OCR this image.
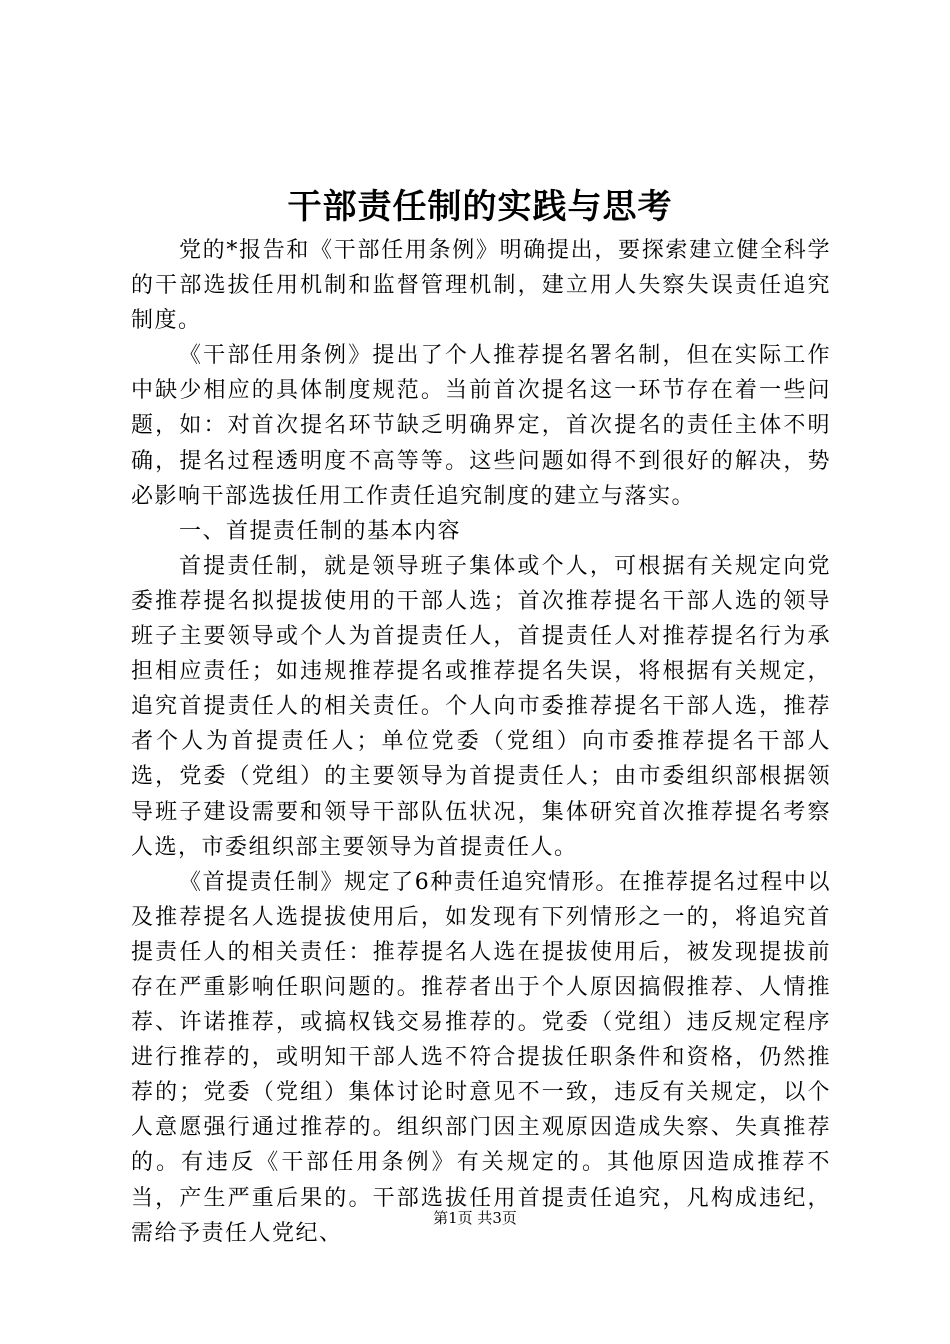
干部责任制的实践与思考

党的*报告和《干部任用条例》明确提出，要探索建立健全科学的干部选拔任用机制和监督管理机制，建立用人失察失误责任追究制度。

《干部任用条例》提出了个人推荐提名署名制，但在实际工作中缺少相应的具体制度规范。当前首次提名这一环节存在着一些问题，如：对首次提名环节缺乏明确界定，首次提名的责任主体不明确，提名过程透明度不高等等。这些问题如得不到很好的解决，势必影响干部选拔任用工作责任追究制度的建立与落实。

一、首提责任制的基本内容

首提责任制，就是领导班子集体或个人，可根据有关规定向党委推荐提名拟提拔使用的干部人选；首次推荐提名干部人选的领导班子主要领导或个人为首提责任人，首提责任人对推荐提名行为承担相应责任；如违规推荐提名或推荐提名失误，将根据有关规定，追究首提责任人的相关责任。个人向市委推荐提名干部人选，推荐者个人为首提责任人；单位党委（党组）向市委推荐提名干部人选，党委（党组）的主要领导为首提责任人；由市委组织部根据领导班子建设需要和领导干部队伍状况，集体研究首次推荐提名考察人选，市委组织部主要领导为首提责任人。

《首提责任制》规定了6种责任追究情形。在推荐提名过程中以及推荐提名人选提拔使用后，如发现有下列情形之一的，将追究首提责任人的相关责任：推荐提名人选在提拔使用后，被发现提拔前存在严重影响任职问题的。推荐者出于个人原因搞假推荐、人情推荐、许诺推荐，或搞权钱交易推荐的。党委（党组）违反规定程序进行推荐的，或明知干部人选不符合提拔任职条件和资格，仍然推荐的；党委（党组）集体讨论时意见不一致，违反有关规定，以个人意愿强行通过推荐的。组织部门因主观原因造成失察、失真推荐的。有违反《干部任用条例》有关规定的。其他原因造成推荐不当，产生严重后果的。干部选拔任用首提责任追究，凡构成违纪，需给予责任人党纪、

第1页 共3页
